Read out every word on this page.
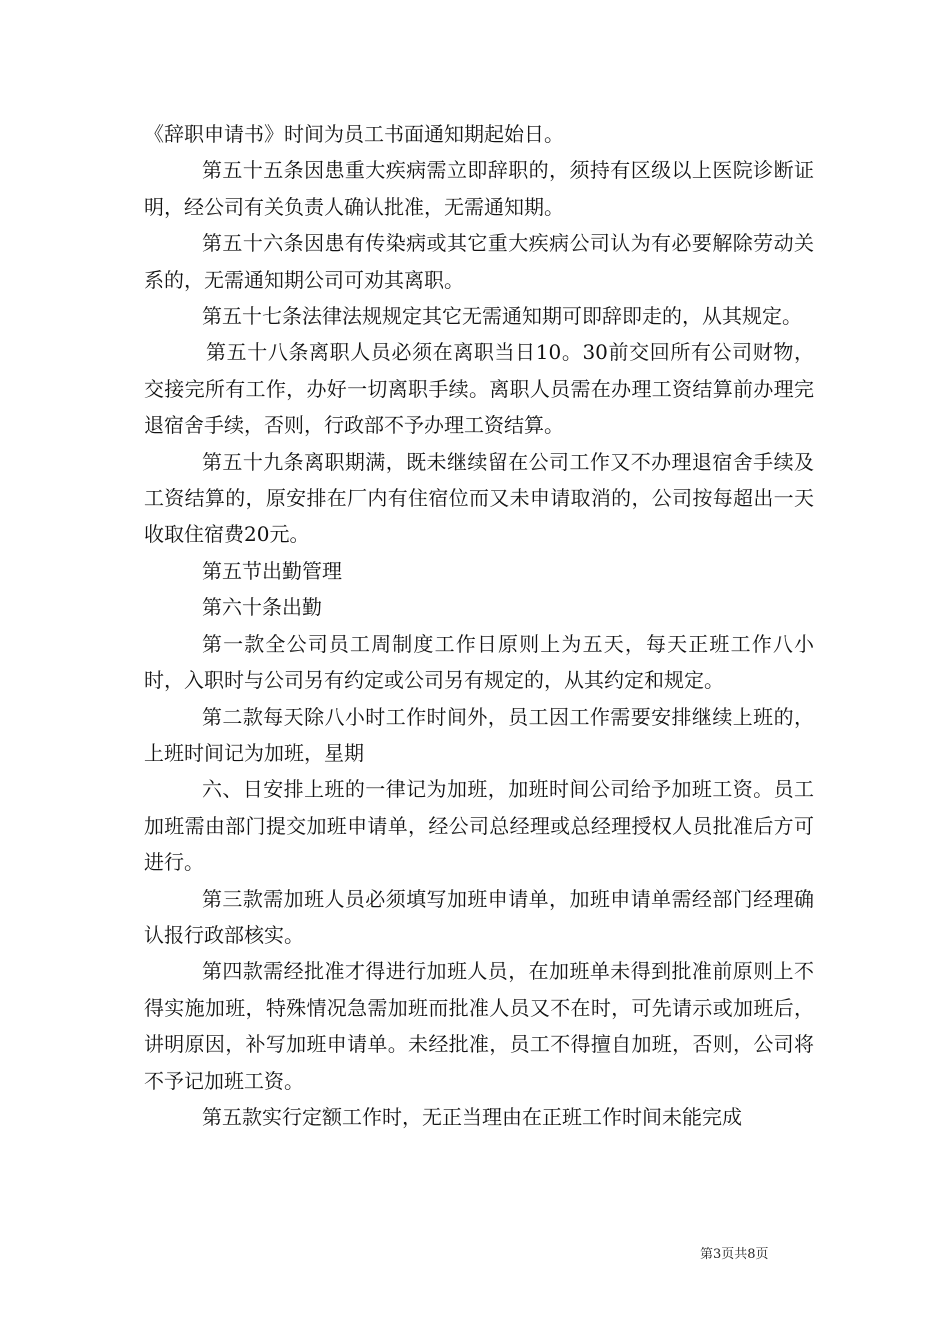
《辞职申请书》时间为员工书面通知期起始日。

第五十五条因患重大疾病需立即辞职的，须持有区级以上医院诊断证明，经公司有关负责人确认批准，无需通知期。

第五十六条因患有传染病或其它重大疾病公司认为有必要解除劳动关系的，无需通知期公司可劝其离职。

第五十七条法律法规规定其它无需通知期可即辞即走的，从其规定。

第五十八条离职人员必须在离职当日10。30前交回所有公司财物，交接完所有工作，办好一切离职手续。离职人员需在办理工资结算前办理完退宿舍手续，否则，行政部不予办理工资结算。

第五十九条离职期满，既未继续留在公司工作又不办理退宿舍手续及工资结算的，原安排在厂内有住宿位而又未申请取消的，公司按每超出一天收取住宿费20元。

第五节出勤管理

第六十条出勤

第一款全公司员工周制度工作日原则上为五天，每天正班工作八小时，入职时与公司另有约定或公司另有规定的，从其约定和规定。

第二款每天除八小时工作时间外，员工因工作需要安排继续上班的，上班时间记为加班，星期

六、日安排上班的一律记为加班，加班时间公司给予加班工资。员工加班需由部门提交加班申请单，经公司总经理或总经理授权人员批准后方可进行。

第三款需加班人员必须填写加班申请单，加班申请单需经部门经理确认报行政部核实。

第四款需经批准才得进行加班人员，在加班单未得到批准前原则上不得实施加班，特殊情况急需加班而批准人员又不在时，可先请示或加班后，讲明原因，补写加班申请单。未经批准，员工不得擅自加班，否则，公司将不予记加班工资。

第五款实行定额工作时，无正当理由在正班工作时间未能完成

第3页共8页
